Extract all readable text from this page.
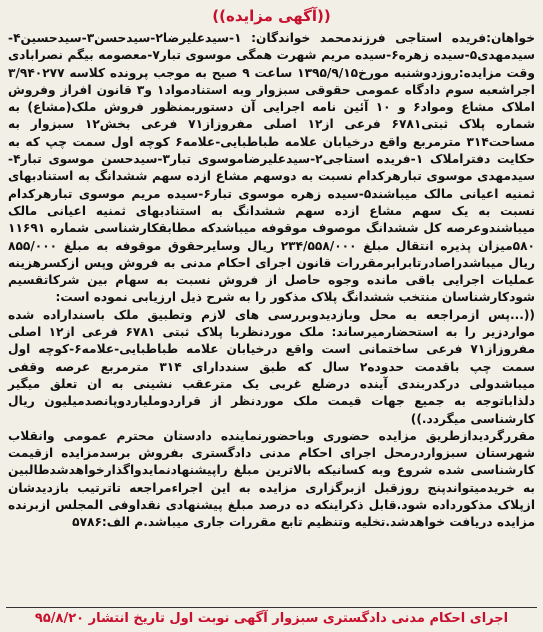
((آگهی مزایده))

خواهان:فریده استاجی فرزندمحمد خواندگان: ۱-سیدعلیرضا۲-سیدحسن۳-سیدحسین۴-سیدمهدی۵-سیده زهره۶-سیده مریم شهرت همگی موسوی تبار۷-معصومه بیگم نصرابادی وقت مزایده:روزدوشنبه مورخ۱۳۹۵/۹/۱۵ ساعت ۹ صبح به موجب پرونده کلاسه ۳/۹۴۰۲۷۷ اجراشعبه سوم دادگاه عمومی حقوقی سبزوار وبه استنادمواد۱ و۳ قانون افراز وفروش املاک مشاع ومواد۶ و ۱۰ آئین نامه اجرایی آن دستوربمنظور فروش ملک(مشاع) به شماره پلاک ثبتی۶۷۸۱ فرعی از۱۲ اصلی مفروزاز۷۱ فرعی بخش۱۲ سبزوار به مساحت۳۱۴ مترمربع واقع درخیابان علامه طباطبایی-علامه۶ کوچه اول سمت چپ که به حکایت دفتراملاک ۱-فریده استاجی۲-سیدعلیرضاموسوی تبار۳-سیدحسن موسوی تبار۴-سیدمهدی موسوی تبارهرکدام نسبت به دوسهم مشاع ازده سهم ششدانگ به استنادبهای ثمنیه اعیانی مالک میباشند۵-سیده زهره موسوی تبار۶-سیده مریم موسوی تبارهرکدام نسبت به یک سهم مشاع ازده سهم ششدانگ به استنادبهای ثمنیه اعیانی مالک میباشندوعرصه کل ششدانگ موصوف موقوفه میباشدکه مطابقکارشناسی شماره ۱۱۶۹۱ ۵۸۰میزان پذیره انتقال مبلغ ۲۳۴/۵۵۸/۰۰۰ ریال وسایرحقوق موقوفه به مبلغ ۸۵۵/۰۰۰ ریال میباشدراصادرتابرابرمقررات قانون اجرای احکام مدنی به فروش وپس ازکسرهزینه عملیات اجرایی باقی مانده وجوه حاصل از فروش نسبت به سهام بین شرکاتقسیم شودکارشناسان منتخب ششدانگ پلاک مذکور را به شرح ذیل ارزیابی نموده است:

((...پس ازمراجعه به محل وبازدیدوبررسی های لازم وتطبیق ملک باسنداراده شده مواردزیر را به استحضارمیرساند: ملک موردنظربا پلاک ثبتی ۶۷۸۱ فرعی از۱۲ اصلی مفروزاز۷۱ فرعی ساختمانی است واقع درخیابان علامه طباطبایی-علامه۶-کوچه اول سمت چپ باقدمت حدوده۲ سال که طبق سنددارای ۳۱۴ مترمربع عرصه وقفی میباشدولی درکدربندی آینده درضلع غربی یک مترعقب نشینی به ان تعلق میگیر دلذاباتوجه به جمیع جهات قیمت ملک موردنظر از قراردوملیاردوپانصدمیلیون ریال کارشناسی میگردد.))

مقررگردیدازطریق مزایده حضوری وباحضورنماینده دادستان محترم عمومی وانقلاب شهرستان سبزواردرمحل اجرای احکام مدنی دادگستری بفروش برسدمزایده ازقیمت کارشناسی شده شروع وبه کسانیکه بالاترین مبلغ راپیشنهادنمایدواگذارخواهدشدطالبین به خریدمیتواندپنج روزقبل ازبرگزاری مزایده به این اجراءمراجعه تاترتیب بازدیدشان ازپلاک مذکورداده شود.قابل ذکراینکه ده درصد مبلغ پیشنهادی نقداوفی المجلس ازبرنده مزایده دریافت خواهدشد.تخلیه وتنظیم تابع مقررات جاری میباشد.م الف:۵۷۸۶

اجرای احکام مدنی دادگستری سبزوار آگهی نوبت اول تاریخ انتشار ۹۵/۸/۲۰
